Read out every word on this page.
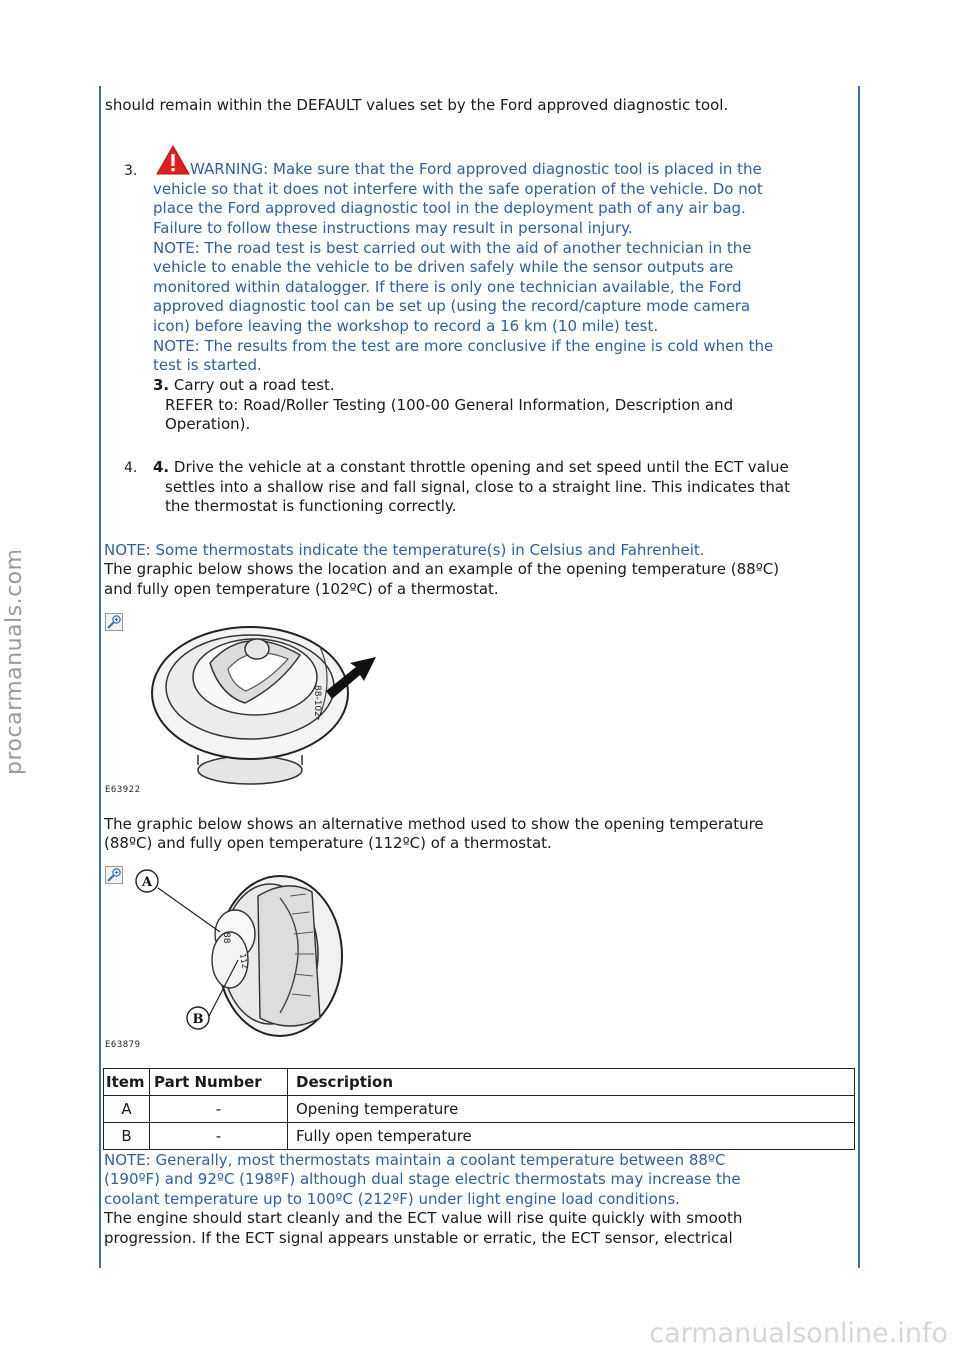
procarmanuals.com
should remain within the DEFAULT values set by the Ford approved diagnostic tool.
3.	WARNING: Make sure that the Ford approved diagnostic tool is placed in the
vehicle so that it does not interfere with the safe operation of the vehicle. Do not
place the Ford approved diagnostic tool in the deployment path of any air bag.
Failure to follow these instructions may result in personal injury.
NOTE: The road test is best carried out with the aid of another technician in the
vehicle to enable the vehicle to be driven safely while the sensor outputs are
monitored within datalogger. If there is only one technician available, the Ford
approved diagnostic tool can be set up (using the record/capture mode camera
icon) before leaving the workshop to record a 16 km (10 mile) test.
NOTE: The results from the test are more conclusive if the engine is cold when the
test is started.
3. Carry out a road test.
REFER to: Road/Roller Testing (100-00 General Information, Description and
Operation).
4. 4. Drive the vehicle at a constant throttle opening and set speed until the ECT value
settles into a shallow rise and fall signal, close to a straight line. This indicates that
the thermostat is functioning correctly.
NOTE: Some thermostats indicate the temperature(s) in Celsius and Fahrenheit.
The graphic below shows the location and an example of the opening temperature (88ºC)
and fully open temperature (102ºC) of a thermostat.
88-102
E63922
The graphic below shows an alternative method used to show the opening temperature
(88ºC) and fully open temperature (112ºC) of a thermostat.
88
112
A
B
E63879
Item	Part Number	Description
A	-	Opening temperature
B	-	Fully open temperature
NOTE: Generally, most thermostats maintain a coolant temperature between 88ºC
(190ºF) and 92ºC (198ºF) although dual stage electric thermostats may increase the
coolant temperature up to 100ºC (212ºF) under light engine load conditions.
The engine should start cleanly and the ECT value will rise quite quickly with smooth
progression. If the ECT signal appears unstable or erratic, the ECT sensor, electrical
carmanualsonline.info
